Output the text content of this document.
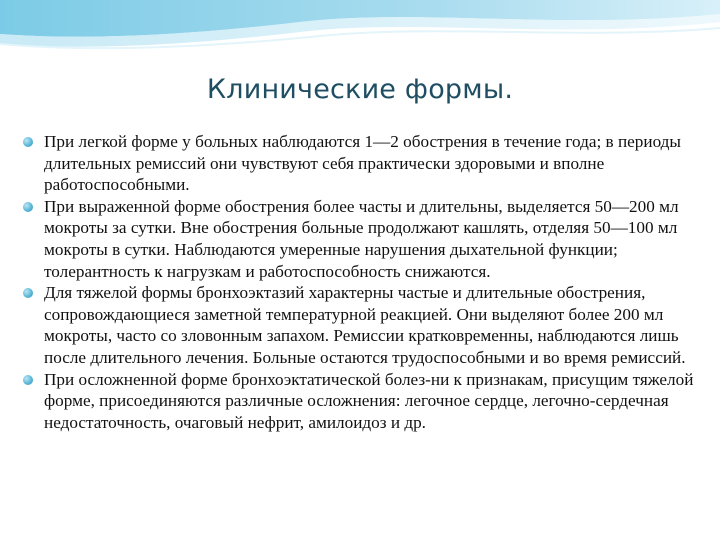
Клинические формы.
При легкой форме у больных наблюдаются 1—2 обострения в течение года; в периоды длительных ремиссий они чувствуют себя практически здоровыми и вполне работоспособными.
При выраженной форме обострения более часты и длительны, выделяется 50—200 мл мокроты за сутки. Вне обострения больные продолжают кашлять, отделяя 50—100 мл мокроты в сутки. Наблюдаются умеренные нарушения дыхательной функции; толерантность к нагрузкам и работоспособность снижаются.
Для тяжелой формы бронхоэктазий характерны частые и длительные обострения, сопровождающиеся заметной температурной реакцией. Они выделяют более 200 мл мокроты, часто со зловонным запахом. Ремиссии кратковременны, наблюдаются лишь после длительного лечения. Больные остаются трудоспособными и во время ремиссий.
При осложненной форме бронхоэктатической болез-ни к признакам, присущим тяжелой форме, присоединяются различные осложнения: легочное сердце, легочно-сердечная недостаточность, очаговый нефрит, амилоидоз и др.
